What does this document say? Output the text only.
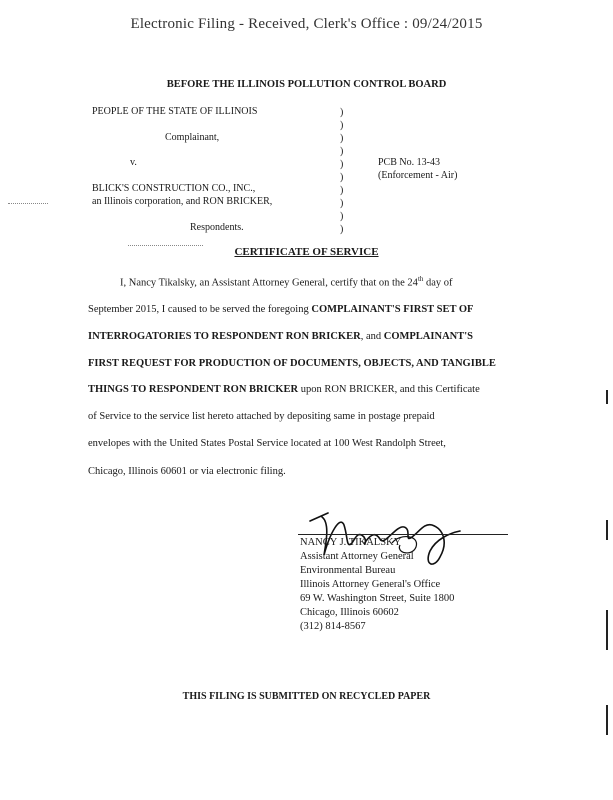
Electronic Filing - Received, Clerk's Office : 09/24/2015
BEFORE THE ILLINOIS POLLUTION CONTROL BOARD
PEOPLE OF THE STATE OF ILLINOIS
Complainant,
v.
BLICK'S CONSTRUCTION CO., INC.,
an Illinois corporation, and RON BRICKER,
Respondents.
PCB No. 13-43
(Enforcement - Air)
)
)
)
)
)
)
)
)
)
)
CERTIFICATE OF SERVICE
I, Nancy Tikalsky, an Assistant Attorney General, certify that on the 24th day of
September 2015, I caused to be served the foregoing COMPLAINANT'S FIRST SET OF
INTERROGATORIES TO RESPONDENT RON BRICKER, and COMPLAINANT'S
FIRST REQUEST FOR PRODUCTION OF DOCUMENTS, OBJECTS, AND TANGIBLE
THINGS TO RESPONDENT RON BRICKER upon RON BRICKER, and this Certificate
of Service to the service list hereto attached by depositing same in postage prepaid
envelopes with the United States Postal Service located at 100 West Randolph Street,
Chicago, Illinois 60601 or via electronic filing.
NANCY J. TIKALSKY
Assistant Attorney General
Environmental Bureau
Illinois Attorney General's Office
69 W. Washington Street, Suite 1800
Chicago, Illinois 60602
(312) 814-8567
THIS FILING IS SUBMITTED ON RECYCLED PAPER
